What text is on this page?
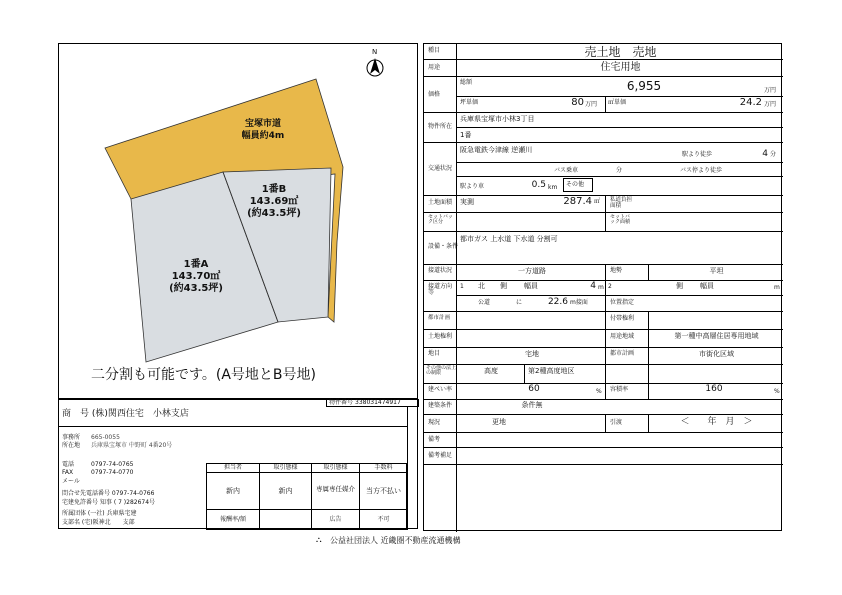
N
宝塚市道
幅員約4m
1番B
143.69㎡
(約43.5坪)
1番A
143.70㎡
(約43.5坪)
二分割も可能です。(A号地とB号地)
物件番号 338031474917
商　号 (株)関西住宅　小林支店
事務所 665-0055
所在地 兵庫県宝塚市 中野町 4番20号
電話	0797-74-0765
FAX	0797-74-0770
メール
問合せ先電話番号 0797-74-0766
宅建免許番号 知事 ( 7 )282674号
所属団体 (一社) 兵庫県宅建
支部名 (宅)阪神北　　支部
担当者	取引態様	取引態様	手数料
新内	新内	専属専任媒介	当方不払い
報酬率/額	広告	不可
種目	売土地　売地
用途	住宅用地
価格
総額	6,955	万円
坪単価	80 万円 ㎡単価	24.2 万円
物件所在
兵庫県宝塚市小林3丁目
1番
交通状況
阪急電鉄今津線 逆瀬川
駅より徒歩	4 分
バス乗車	分	バス停より徒歩
駅より車	0.5 km その他
土地面積 実測	287.4 ㎡ 私道負担面積
セットバック区分
セットバック面積
設備・条件
都市ガス 上水道 下水道 分割可
接道状況	一方道路	地勢	平坦
接道方向等
1 北 側 幅員	4 m 2	側 幅員	m
公道	に	22.6 m接面	位置指定
都市計画	付帯権利
土地権利	用途地域	第一種中高層住居専用地域
地目	宅地	都市計画	市街化区域
その他の法上の制限	高度	第2種高度地区
建ぺい率	60	% 容積率	160	%
建築条件	条件無
現況	更地	引渡	＜　　年　月　＞
備考
備考補足
⛬ 公益社団法人 近畿圏不動産流通機構
